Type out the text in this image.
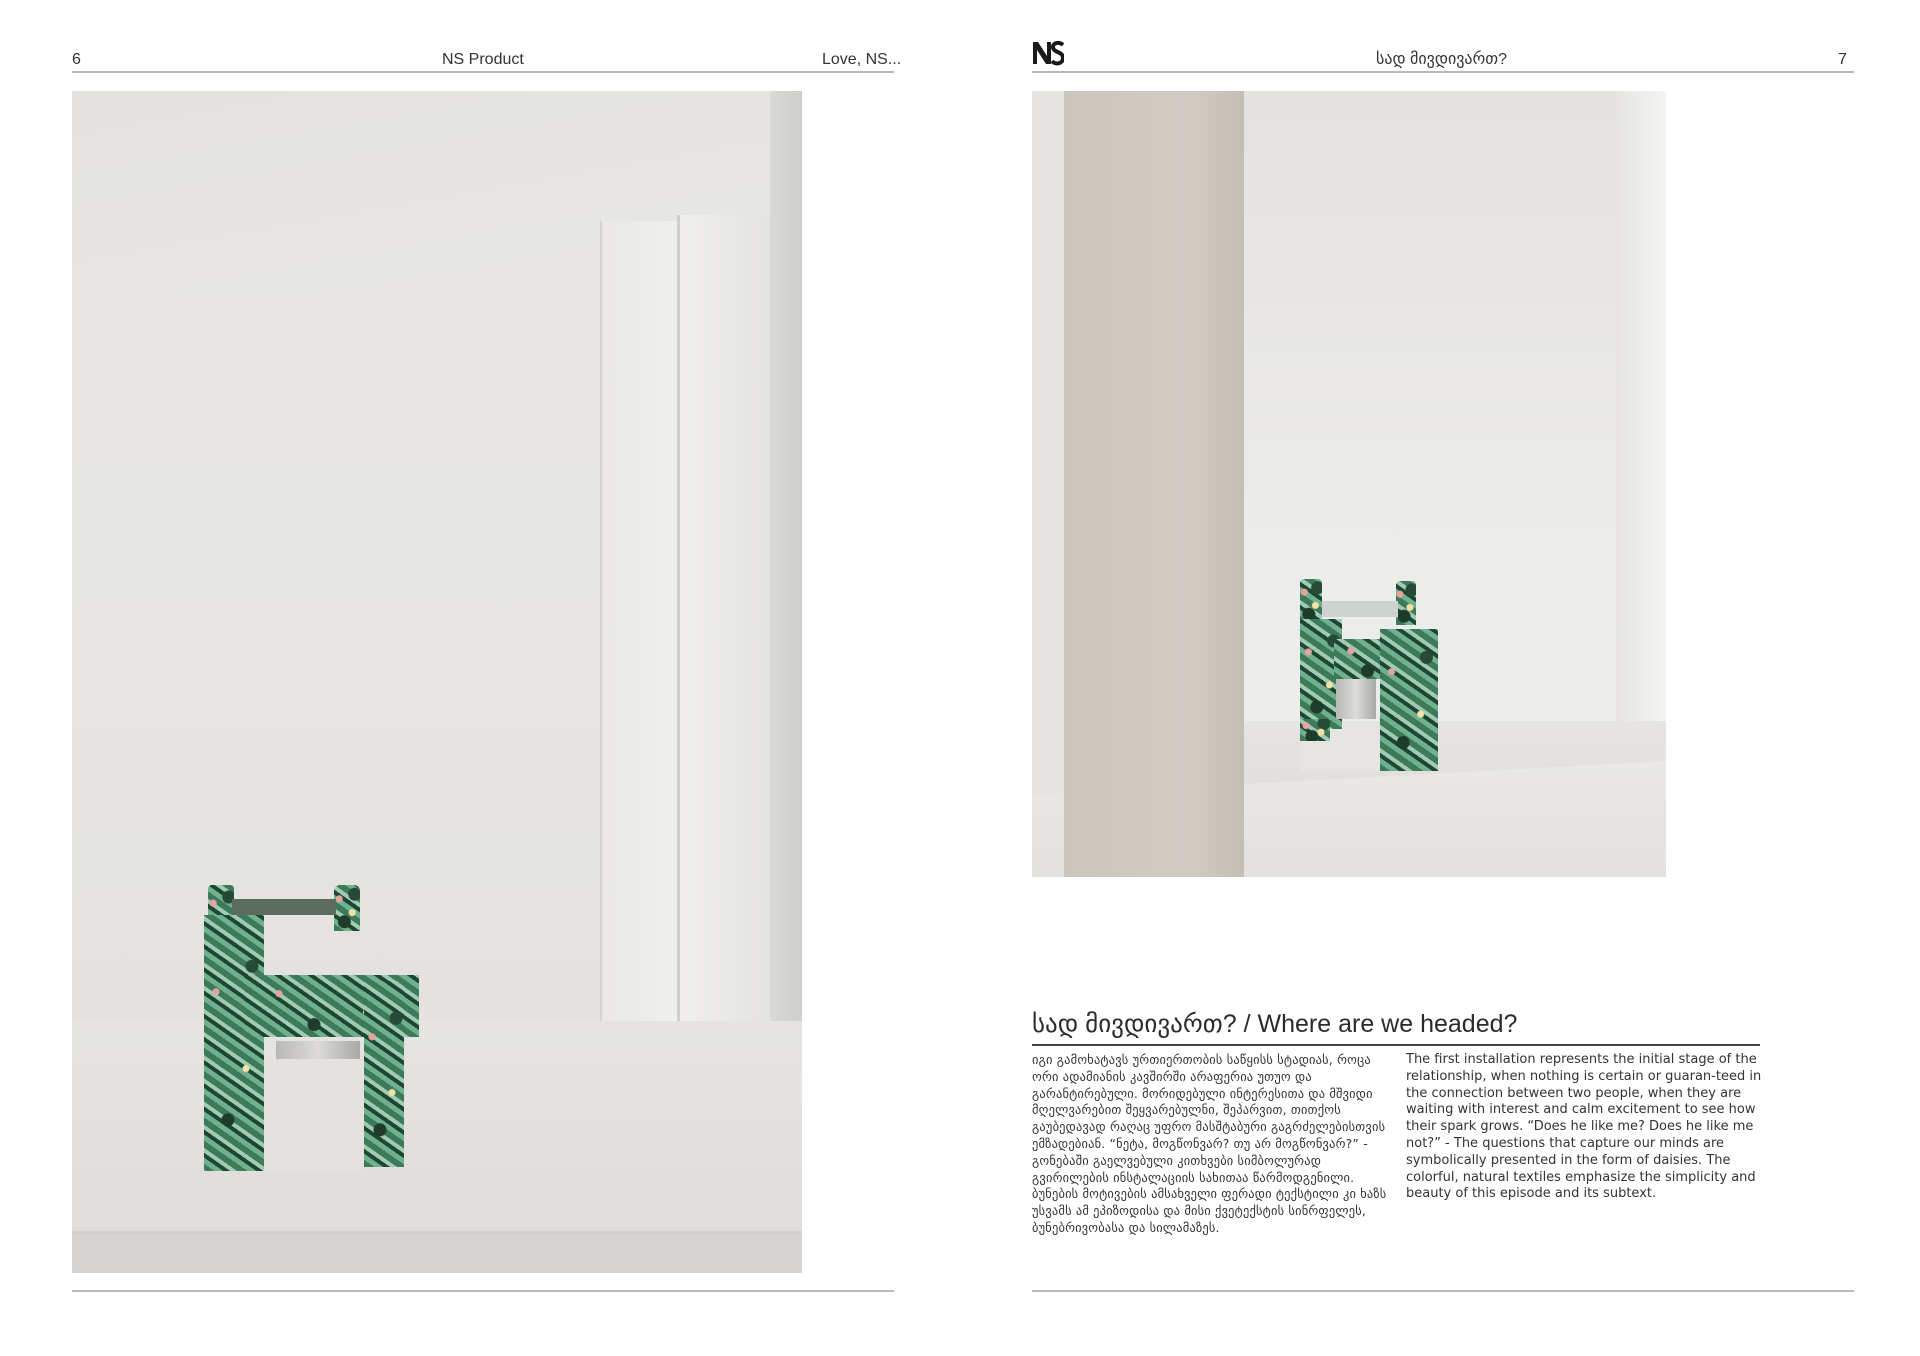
6	NS Product	Love, NS...	სად მივდივართ?	7
სად მივდივართ? / Where are we headed?
იგი გამოხატავს ურთიერთობის საწყისს სტადიას, როცა ორი ადამიანის კავშირში არაფერია უთუო და გარანტირებული. მორიდებული ინტერესითა და მშვიდი მღელვარებით შეყვარებულნი, შეპარვით, თითქოს გაუბედავად რაღაც უფრო მასშტაბური გაგრძელებისთვის ემზადებიან. “ნეტა, მოგწონვარ? თუ არ მოგწონვარ?” - გონებაში გაელვებული კითხვები სიმბოლურად გვირილების ინსტალაციის სახითაა წარმოდგენილი. ბუნების მოტივების ამსახველი ფერადი ტექსტილი კი ხაზს უსვამს ამ ეპიზოდისა და მისი ქვეტექსტის სინრფელეს, ბუნებრივობასა და სილამაზეს.
The first installation represents the initial stage of the relationship, when nothing is certain or guaran-teed in the connection between two people, when they are waiting with interest and calm excitement to see how their spark grows. “Does he like me? Does he like me not?” - The questions that capture our minds are symbolically presented in the form of daisies. The colorful, natural textiles emphasize the simplicity and beauty of this episode and its subtext.
